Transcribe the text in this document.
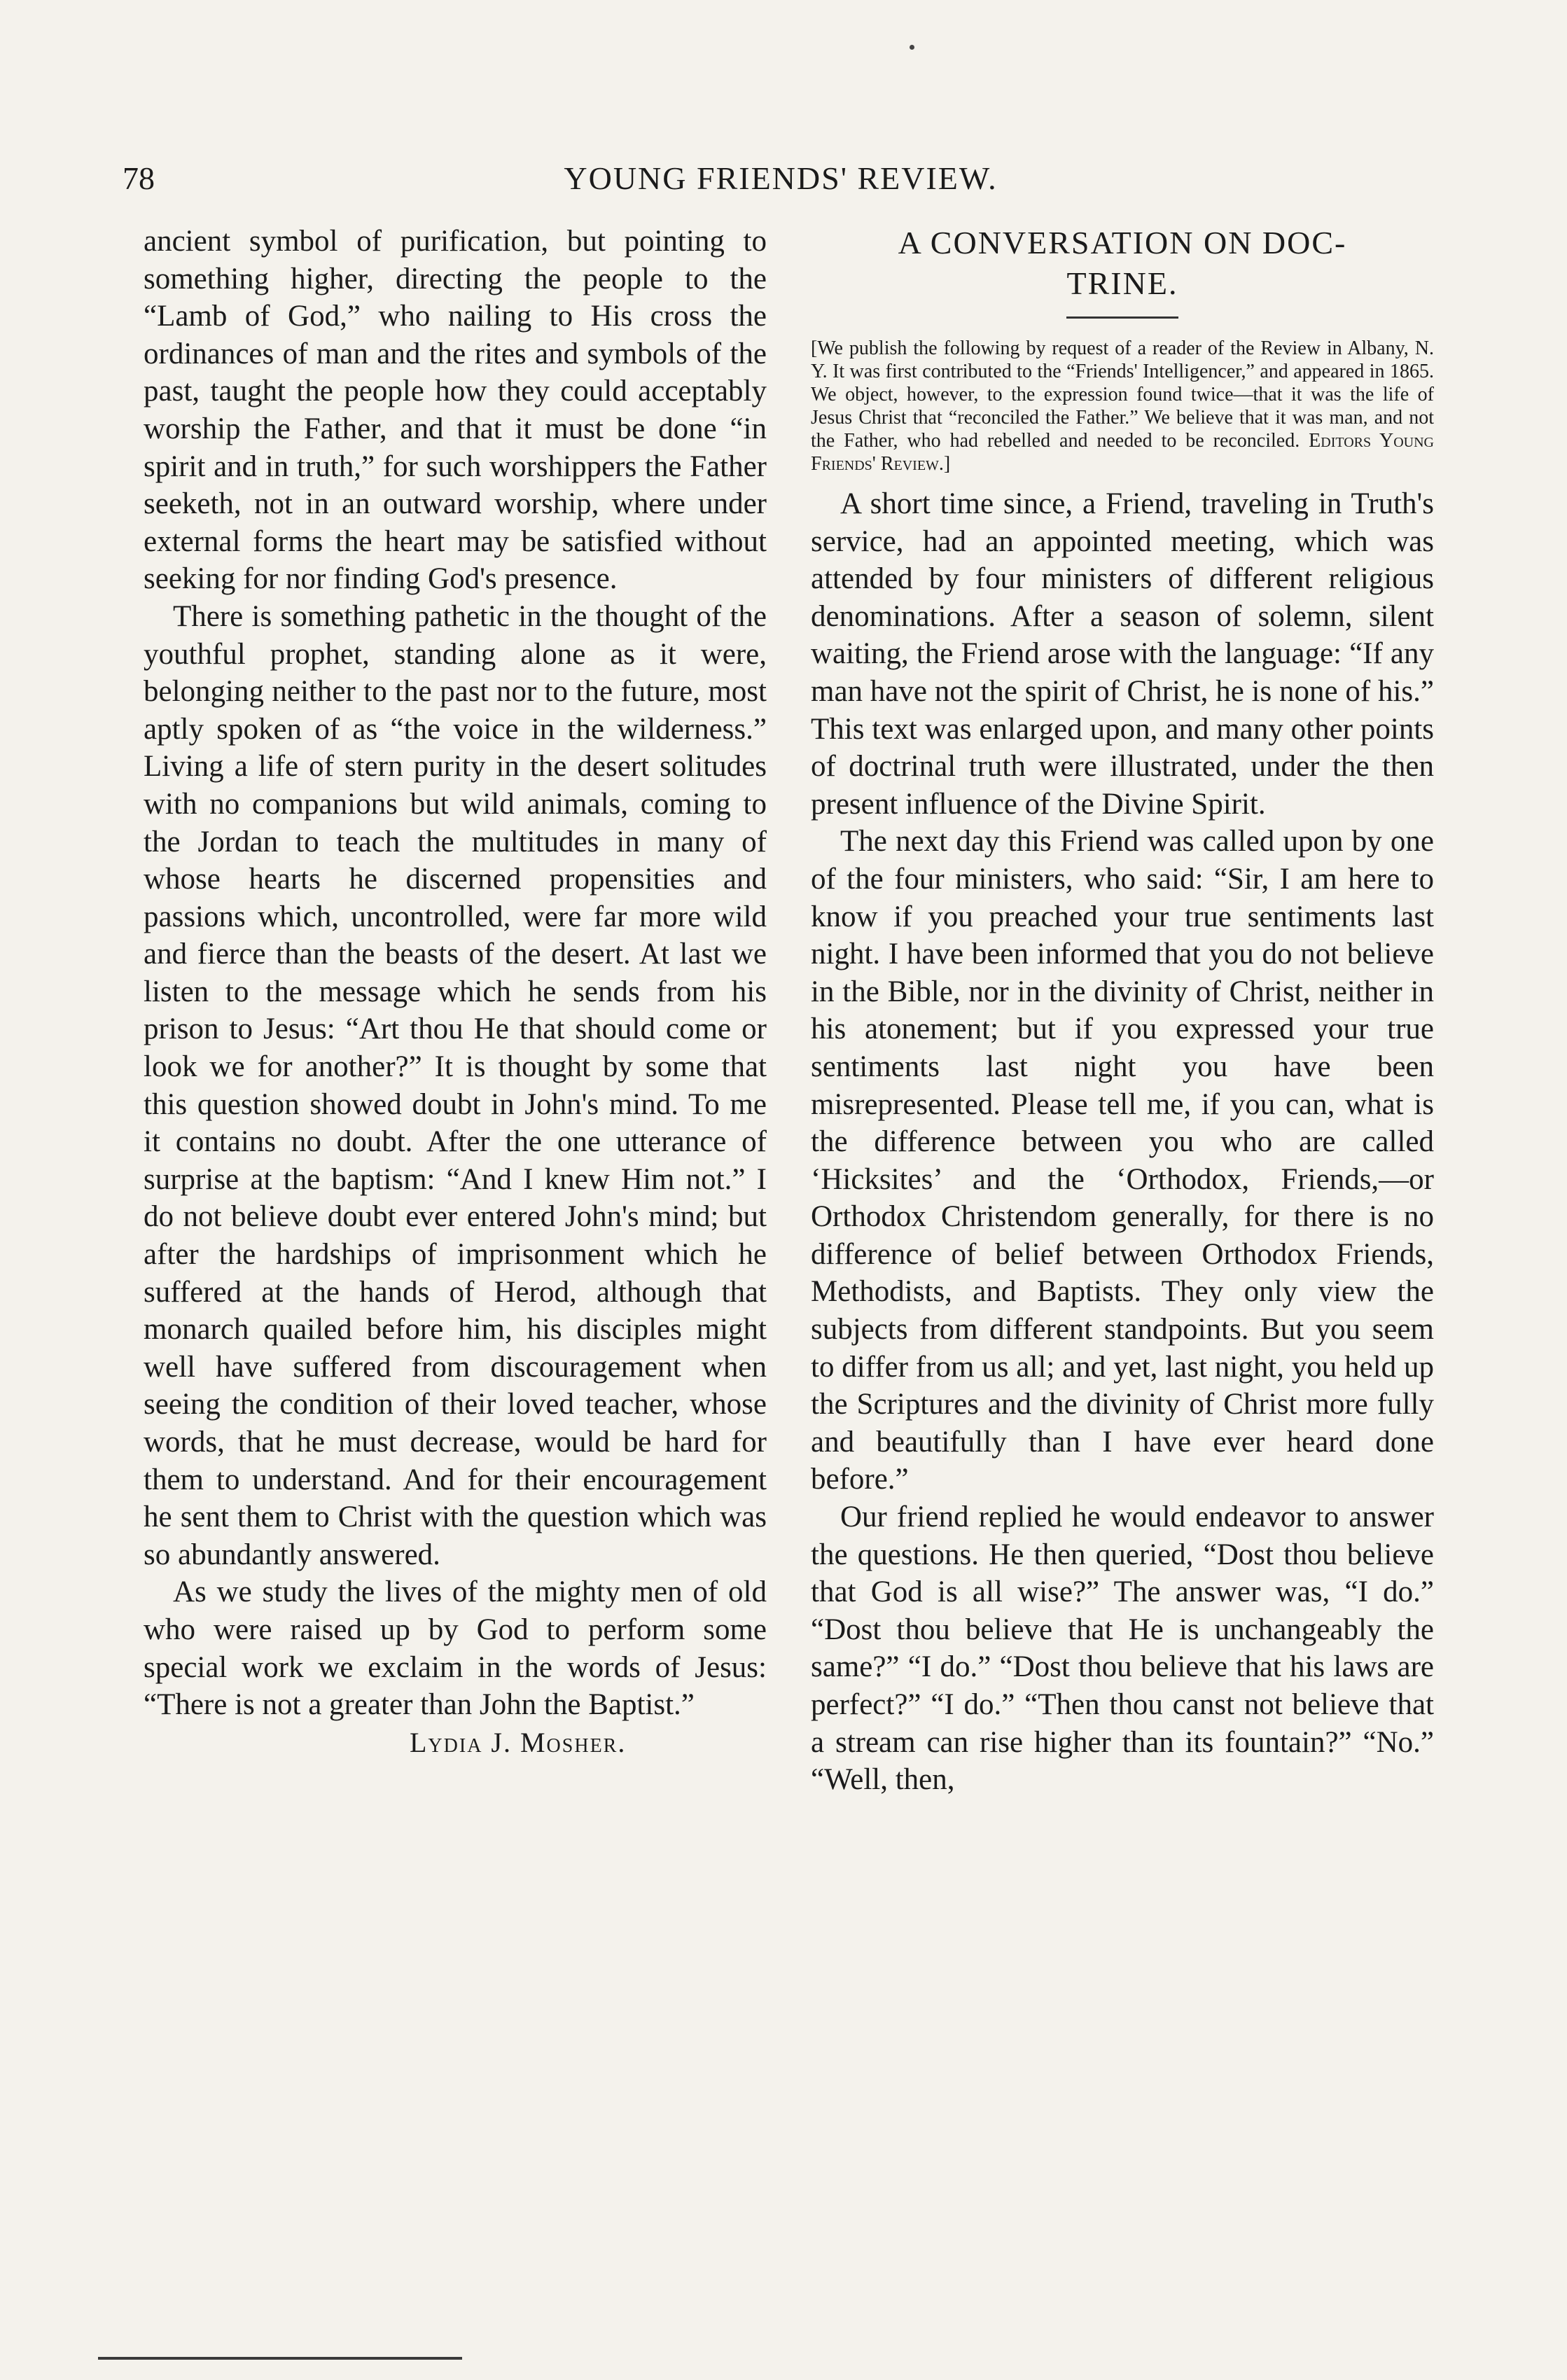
78	YOUNG FRIENDS' REVIEW.

ancient symbol of purification, but pointing to something higher, directing the people to the “Lamb of God,” who nailing to His cross the ordinances of man and the rites and symbols of the past, taught the people how they could acceptably worship the Father, and that it must be done “in spirit and in truth,” for such worshippers the Father seeketh, not in an outward worship, where under external forms the heart may be satisfied without seeking for nor finding God's presence.

There is something pathetic in the thought of the youthful prophet, standing alone as it were, belonging neither to the past nor to the future, most aptly spoken of as “the voice in the wilderness.” Living a life of stern purity in the desert solitudes with no companions but wild animals, coming to the Jordan to teach the multitudes in many of whose hearts he discerned propensities and passions which, uncontrolled, were far more wild and fierce than the beasts of the desert. At last we listen to the message which he sends from his prison to Jesus: “Art thou He that should come or look we for another?” It is thought by some that this question showed doubt in John's mind. To me it contains no doubt. After the one utterance of surprise at the baptism: “And I knew Him not.” I do not believe doubt ever entered John's mind; but after the hardships of imprisonment which he suffered at the hands of Herod, although that monarch quailed before him, his disciples might well have suffered from discouragement when seeing the condition of their loved teacher, whose words, that he must decrease, would be hard for them to understand. And for their encouragement he sent them to Christ with the question which was so abundantly answered.

As we study the lives of the mighty men of old who were raised up by God to perform some special work we exclaim in the words of Jesus: “There is not a greater than John the Baptist.”

Lydia J. Mosher.

A CONVERSATION ON DOC-

TRINE.

[We publish the following by request of a reader of the Review in Albany, N. Y. It was first contributed to the “Friends' Intelligencer,” and appeared in 1865. We object, however, to the expression found twice—that it was the life of Jesus Christ that “reconciled the Father.” We believe that it was man, and not the Father, who had rebelled and needed to be reconciled. Editors Young Friends' Review.]

A short time since, a Friend, traveling in Truth's service, had an appointed meeting, which was attended by four ministers of different religious denominations. After a season of solemn, silent waiting, the Friend arose with the language: “If any man have not the spirit of Christ, he is none of his.” This text was enlarged upon, and many other points of doctrinal truth were illustrated, under the then present influence of the Divine Spirit.

The next day this Friend was called upon by one of the four ministers, who said: “Sir, I am here to know if you preached your true sentiments last night. I have been informed that you do not believe in the Bible, nor in the divinity of Christ, neither in his atonement; but if you expressed your true sentiments last night you have been misrepresented. Please tell me, if you can, what is the difference between you who are called ‘Hicksites’ and the ‘Orthodox, Friends,—or Orthodox Christendom generally, for there is no difference of belief between Orthodox Friends, Methodists, and Baptists. They only view the subjects from different standpoints. But you seem to differ from us all; and yet, last night, you held up the Scriptures and the divinity of Christ more fully and beautifully than I have ever heard done before.”

Our friend replied he would endeavor to answer the questions. He then queried, “Dost thou believe that God is all wise?” The answer was, “I do.” “Dost thou believe that He is unchangeably the same?” “I do.” “Dost thou believe that his laws are perfect?” “I do.” “Then thou canst not believe that a stream can rise higher than its fountain?” “No.” “Well, then,
